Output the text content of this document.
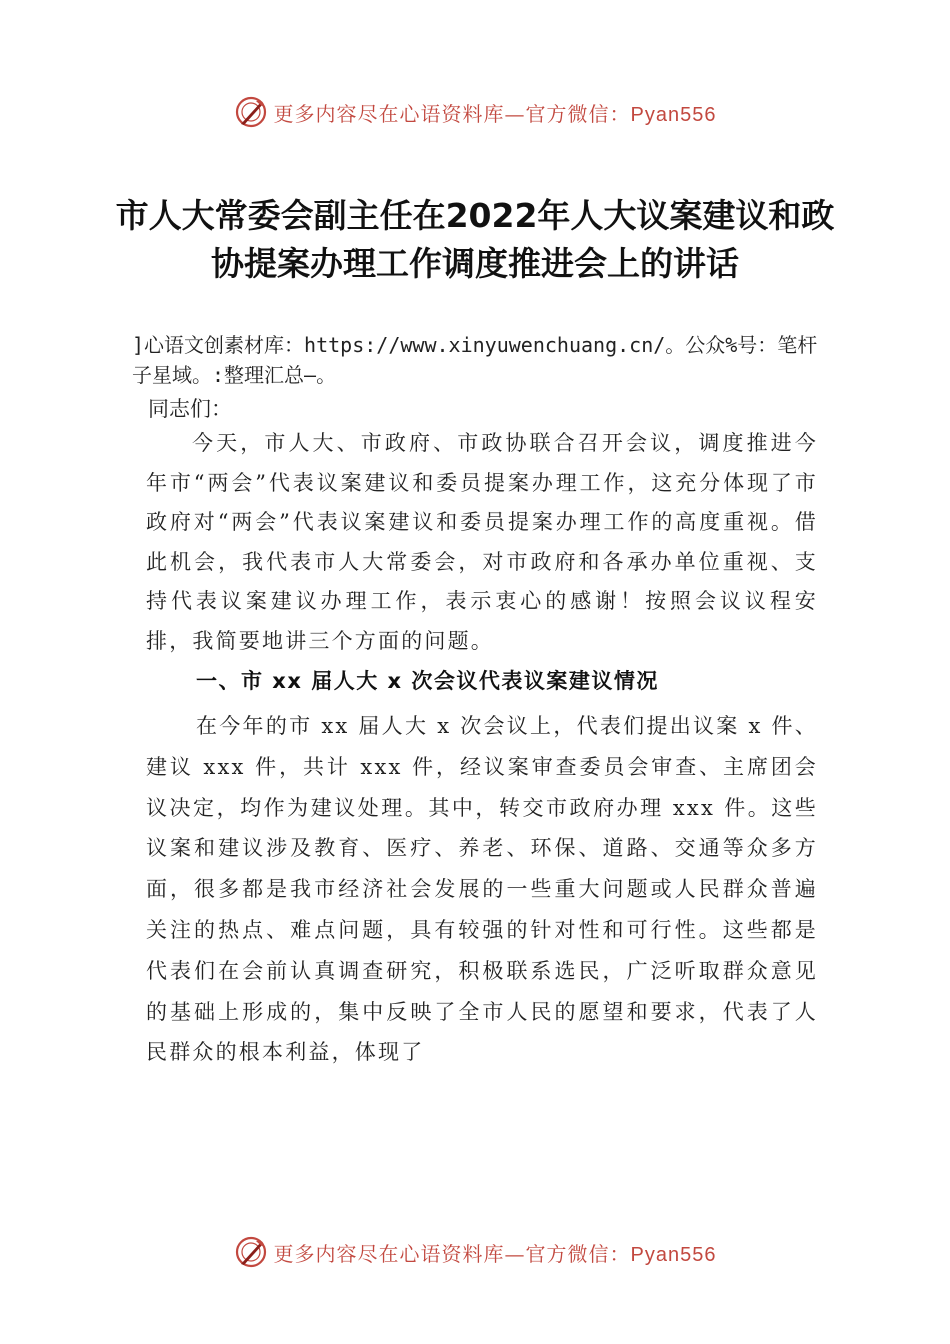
更多内容尽在心语资料库—官方微信：Pyan556
市人大常委会副主任在2022年人大议案建议和政协提案办理工作调度推进会上的讲话
]心语文创素材库：https://www.xinyuwenchuang.cn/。公众%号：笔杆子星域。:整理汇总—。
同志们：
今天，市人大、市政府、市政协联合召开会议，调度推进今年市“两会”代表议案建议和委员提案办理工作，这充分体现了市政府对“两会”代表议案建议和委员提案办理工作的高度重视。借此机会，我代表市人大常委会，对市政府和各承办单位重视、支持代表议案建议办理工作，表示衷心的感谢！按照会议议程安排，我简要地讲三个方面的问题。
一、市 xx 届人大 x 次会议代表议案建议情况
在今年的市 xx 届人大 x 次会议上，代表们提出议案 x 件、建议 xxx 件，共计 xxx 件，经议案审查委员会审查、主席团会议决定，均作为建议处理。其中，转交市政府办理 xxx 件。这些议案和建议涉及教育、医疗、养老、环保、道路、交通等众多方面，很多都是我市经济社会发展的一些重大问题或人民群众普遍关注的热点、难点问题，具有较强的针对性和可行性。这些都是代表们在会前认真调查研究，积极联系选民，广泛听取群众意见的基础上形成的，集中反映了全市人民的愿望和要求，代表了人民群众的根本利益，体现了
更多内容尽在心语资料库—官方微信：Pyan556
